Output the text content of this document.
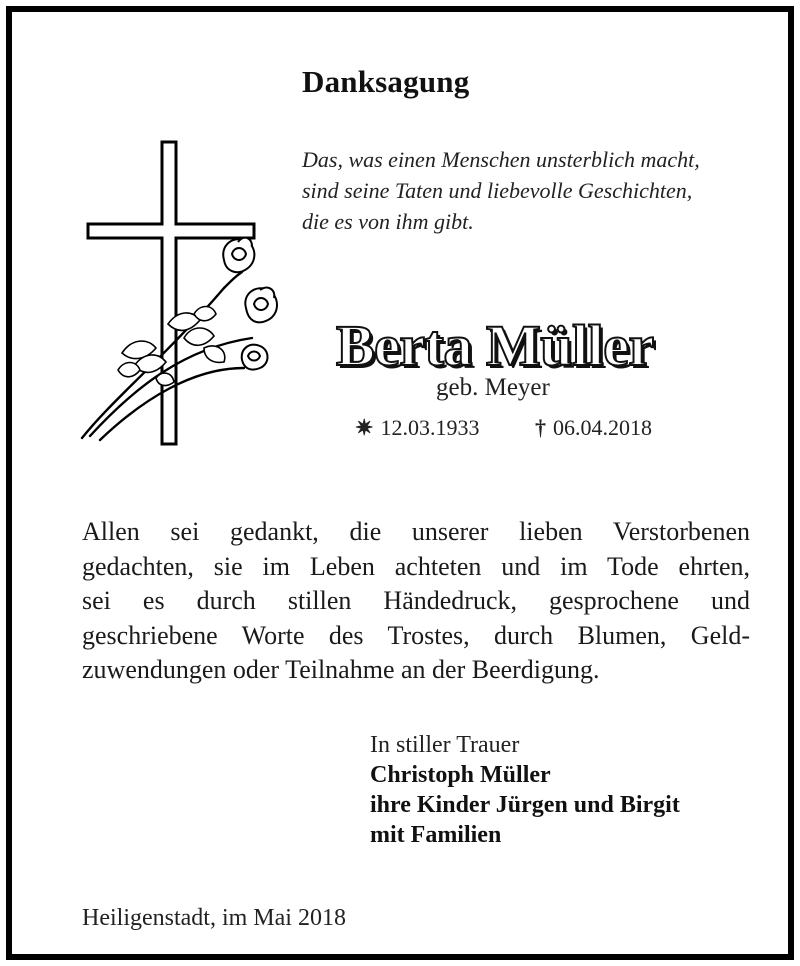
Danksagung
Das, was einen Menschen unsterblich macht,
sind seine Taten und liebevolle Geschichten,
die es von ihm gibt.
Berta Müller
geb. Meyer
✷ 12.03.1933	† 06.04.2018
Allen sei gedankt, die unserer lieben Verstorbenen
gedachten, sie im Leben achteten und im Tode ehrten,
sei es durch stillen Händedruck, gesprochene und
geschriebene Worte des Trostes, durch Blumen, Geld-
zuwendungen oder Teilnahme an der Beerdigung.
In stiller Trauer
Christoph Müller
ihre Kinder Jürgen und Birgit
mit Familien
Heiligenstadt, im Mai 2018
